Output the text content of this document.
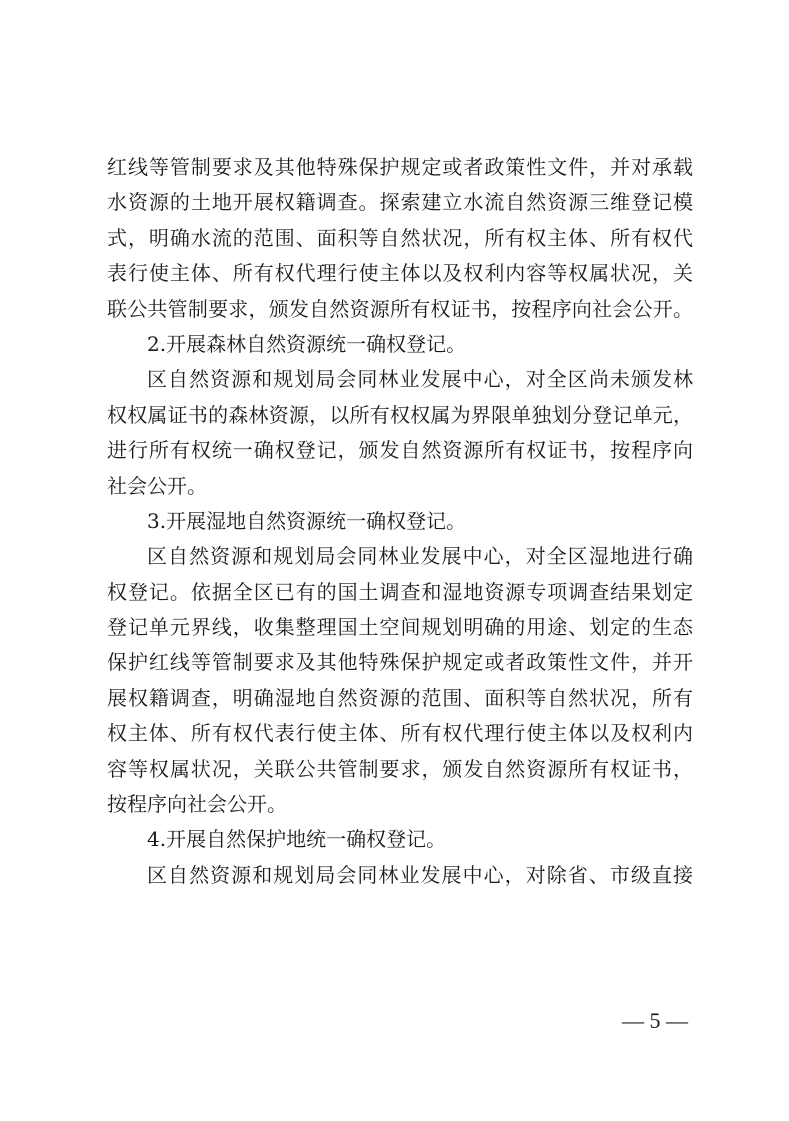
红线等管制要求及其他特殊保护规定或者政策性文件，并对承载
水资源的土地开展权籍调查。探索建立水流自然资源三维登记模
式，明确水流的范围、面积等自然状况，所有权主体、所有权代
表行使主体、所有权代理行使主体以及权利内容等权属状况，关
联公共管制要求，颁发自然资源所有权证书，按程序向社会公开。
2.开展森林自然资源统一确权登记。
区自然资源和规划局会同林业发展中心，对全区尚未颁发林
权权属证书的森林资源，以所有权权属为界限单独划分登记单元，
进行所有权统一确权登记，颁发自然资源所有权证书，按程序向
社会公开。
3.开展湿地自然资源统一确权登记。
区自然资源和规划局会同林业发展中心，对全区湿地进行确
权登记。依据全区已有的国土调查和湿地资源专项调查结果划定
登记单元界线，收集整理国土空间规划明确的用途、划定的生态
保护红线等管制要求及其他特殊保护规定或者政策性文件，并开
展权籍调查，明确湿地自然资源的范围、面积等自然状况，所有
权主体、所有权代表行使主体、所有权代理行使主体以及权利内
容等权属状况，关联公共管制要求，颁发自然资源所有权证书，
按程序向社会公开。
4.开展自然保护地统一确权登记。
区自然资源和规划局会同林业发展中心，对除省、市级直接
— 5 —
